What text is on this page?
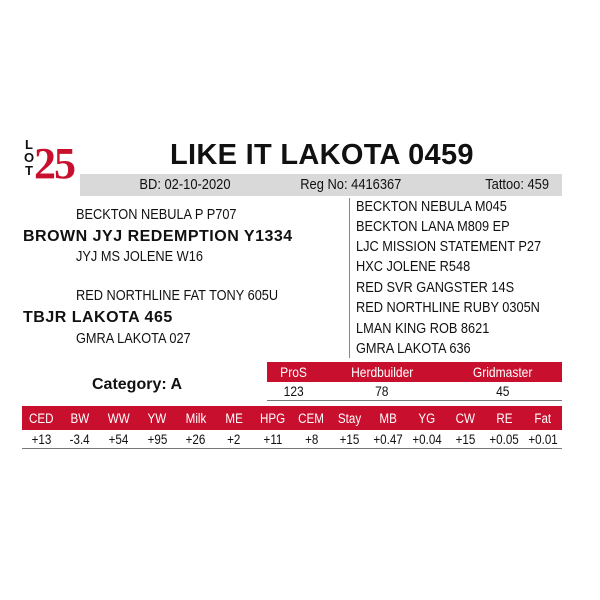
L
O
T 25	LIKE IT LAKOTA 0459
BD: 02-10-2020	Reg No: 4416367	Tattoo: 459
BECKTON NEBULA P P707
BROWN JYJ REDEMPTION Y1334
JYJ MS JOLENE W16
RED NORTHLINE FAT TONY 605U
TBJR LAKOTA 465
GMRA LAKOTA 027
BECKTON NEBULA M045
BECKTON LANA M809 EP
LJC MISSION STATEMENT P27
HXC JOLENE R548
RED SVR GANGSTER 14S
RED NORTHLINE RUBY 0305N
LMAN KING ROB 8621
GMRA LAKOTA 636
Category: A
ProS	Herdbuilder	Gridmaster
123	78	45
CED	BW	WW	YW	Milk	ME	HPG	CEM	Stay	MB	YG	CW	RE	Fat
+13	-3.4	+54	+95	+26	+2	+11	+8	+15	+0.47	+0.04	+15	+0.05	+0.01
